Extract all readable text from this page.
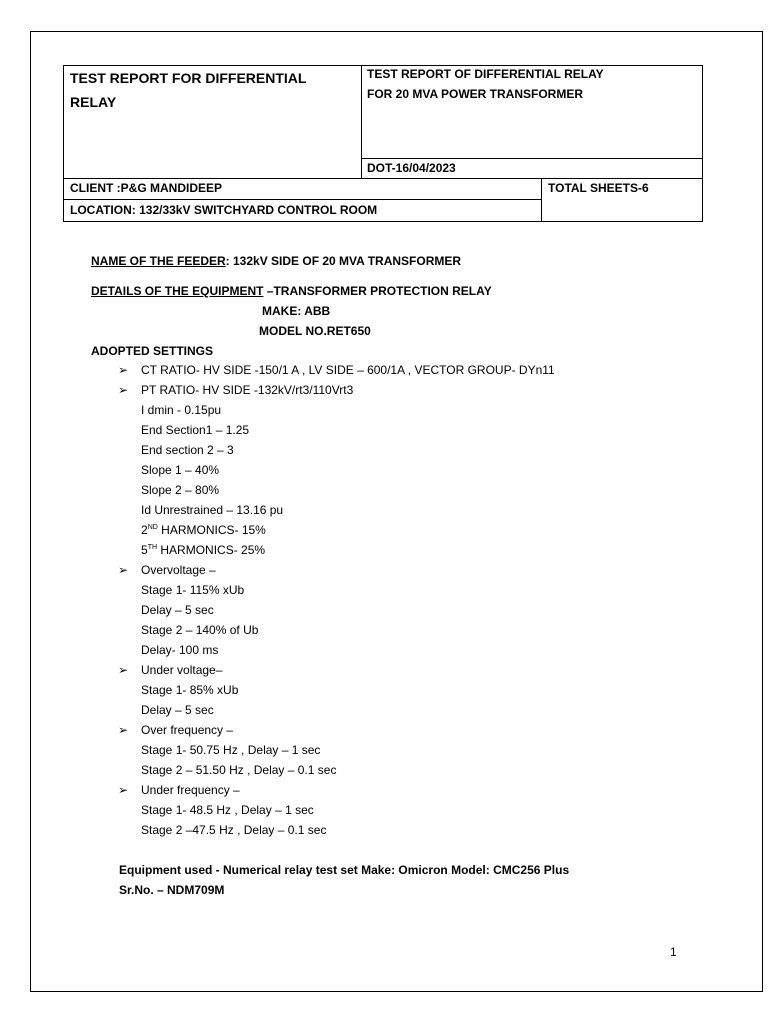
TEST REPORT FOR DIFFERENTIAL
RELAY
TEST REPORT OF DIFFERENTIAL RELAY
FOR 20 MVA POWER TRANSFORMER
DOT-16/04/2023
CLIENT :P&G MANDIDEEP	TOTAL SHEETS-6
LOCATION: 132/33kV SWITCHYARD CONTROL ROOM
NAME OF THE FEEDER: 132kV SIDE OF 20 MVA TRANSFORMER
DETAILS OF THE EQUIPMENT –TRANSFORMER PROTECTION RELAY
MAKE: ABB
MODEL NO.RET650
ADOPTED SETTINGS
➢ CT RATIO- HV SIDE -150/1 A , LV SIDE – 600/1A , VECTOR GROUP- DYn11
➢ PT RATIO- HV SIDE -132kV/rt3/110Vrt3
I dmin - 0.15pu
End Section1 – 1.25
End section 2 – 3
Slope 1 – 40%
Slope 2 – 80%
Id Unrestrained – 13.16 pu
2ND HARMONICS- 15%
5TH HARMONICS- 25%
➢ Overvoltage –
Stage 1- 115% xUb
Delay – 5 sec
Stage 2 – 140% of Ub
Delay- 100 ms
➢ Under voltage–
Stage 1- 85% xUb
Delay – 5 sec
➢ Over frequency –
Stage 1- 50.75 Hz , Delay – 1 sec
Stage 2 – 51.50 Hz , Delay – 0.1 sec
➢ Under frequency –
Stage 1- 48.5 Hz , Delay – 1 sec
Stage 2 –47.5 Hz , Delay – 0.1 sec
Equipment used - Numerical relay test set Make: Omicron Model: CMC256 Plus
Sr.No. – NDM709M
1
